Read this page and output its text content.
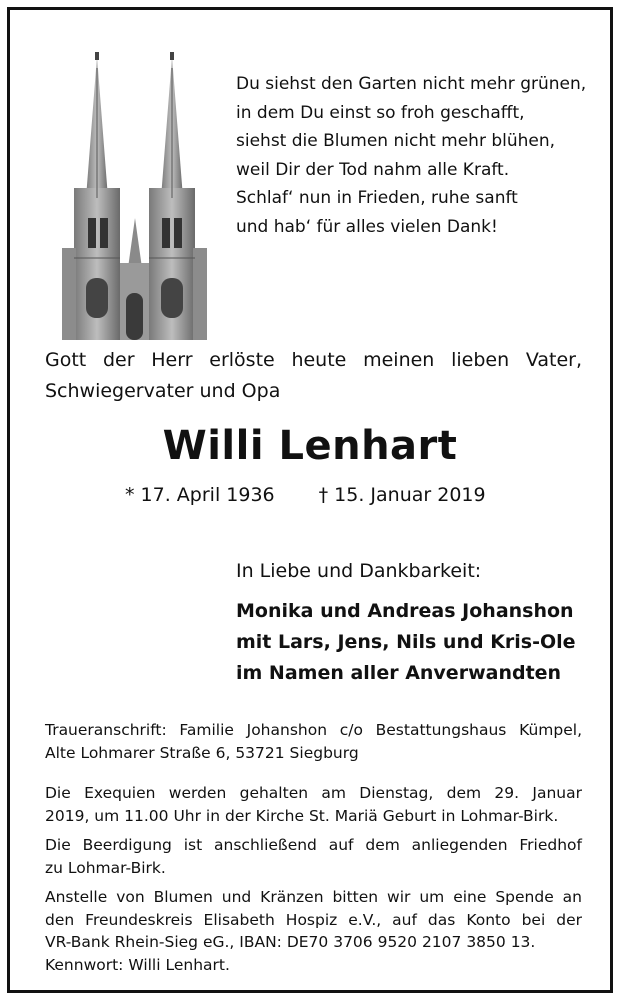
Du siehst den Garten nicht mehr grünen,
in dem Du einst so froh geschafft,
siehst die Blumen nicht mehr blühen,
weil Dir der Tod nahm alle Kraft.
Schlaf‘ nun in Frieden, ruhe sanft
und hab‘ für alles vielen Dank!
Gott der Herr erlöste heute meinen lieben Vater,
Schwiegervater und Opa
Willi Lenhart
* 17. April 1936 † 15. Januar 2019
In Liebe und Dankbarkeit:
Monika und Andreas Johanshon
mit Lars, Jens, Nils und Kris-Ole
im Namen aller Anverwandten
Traueranschrift: Familie Johanshon c/o Bestattungshaus Kümpel,
Alte Lohmarer Straße 6, 53721 Siegburg
Die Exequien werden gehalten am Dienstag, dem 29. Januar
2019, um 11.00 Uhr in der Kirche St. Mariä Geburt in Lohmar-Birk.
Die Beerdigung ist anschließend auf dem anliegenden Friedhof
zu Lohmar-Birk.
Anstelle von Blumen und Kränzen bitten wir um eine Spende an
den Freundeskreis Elisabeth Hospiz e.V., auf das Konto bei der
VR-Bank Rhein-Sieg eG., IBAN: DE70 3706 9520 2107 3850 13.
Kennwort: Willi Lenhart.
